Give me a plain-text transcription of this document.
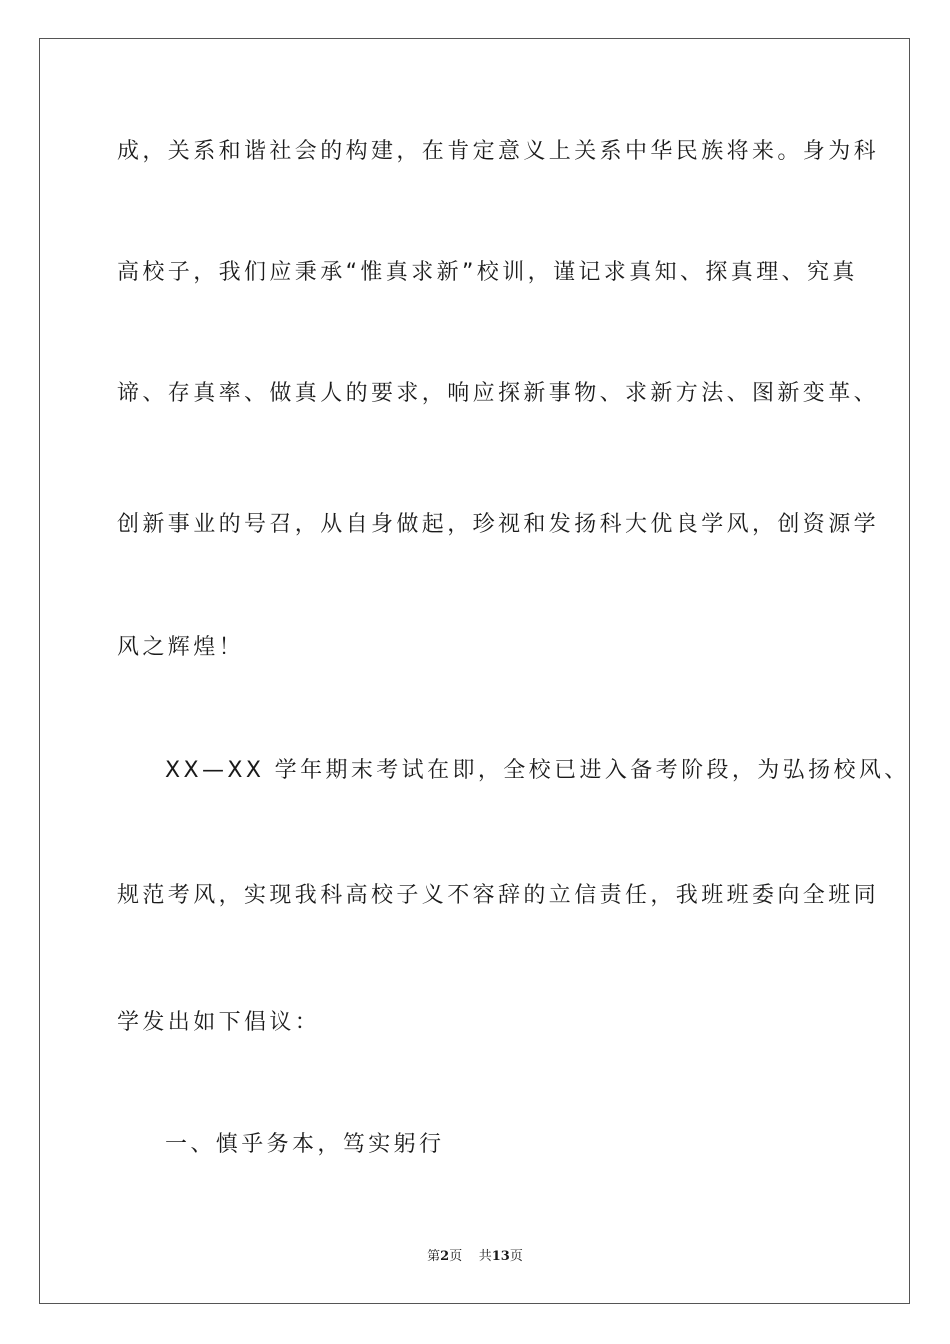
成，关系和谐社会的构建，在肯定意义上关系中华民族将来。身为科
高校子，我们应秉承“惟真求新”校训，谨记求真知、探真理、究真
谛、存真率、做真人的要求，响应探新事物、求新方法、图新变革、
创新事业的号召，从自身做起，珍视和发扬科大优良学风，创资源学
风之辉煌！
XX—XX 学年期末考试在即，全校已进入备考阶段，为弘扬校风、
规范考风，实现我科高校子义不容辞的立信责任，我班班委向全班同
学发出如下倡议：
一、慎乎务本，笃实躬行
第2页 共13页
